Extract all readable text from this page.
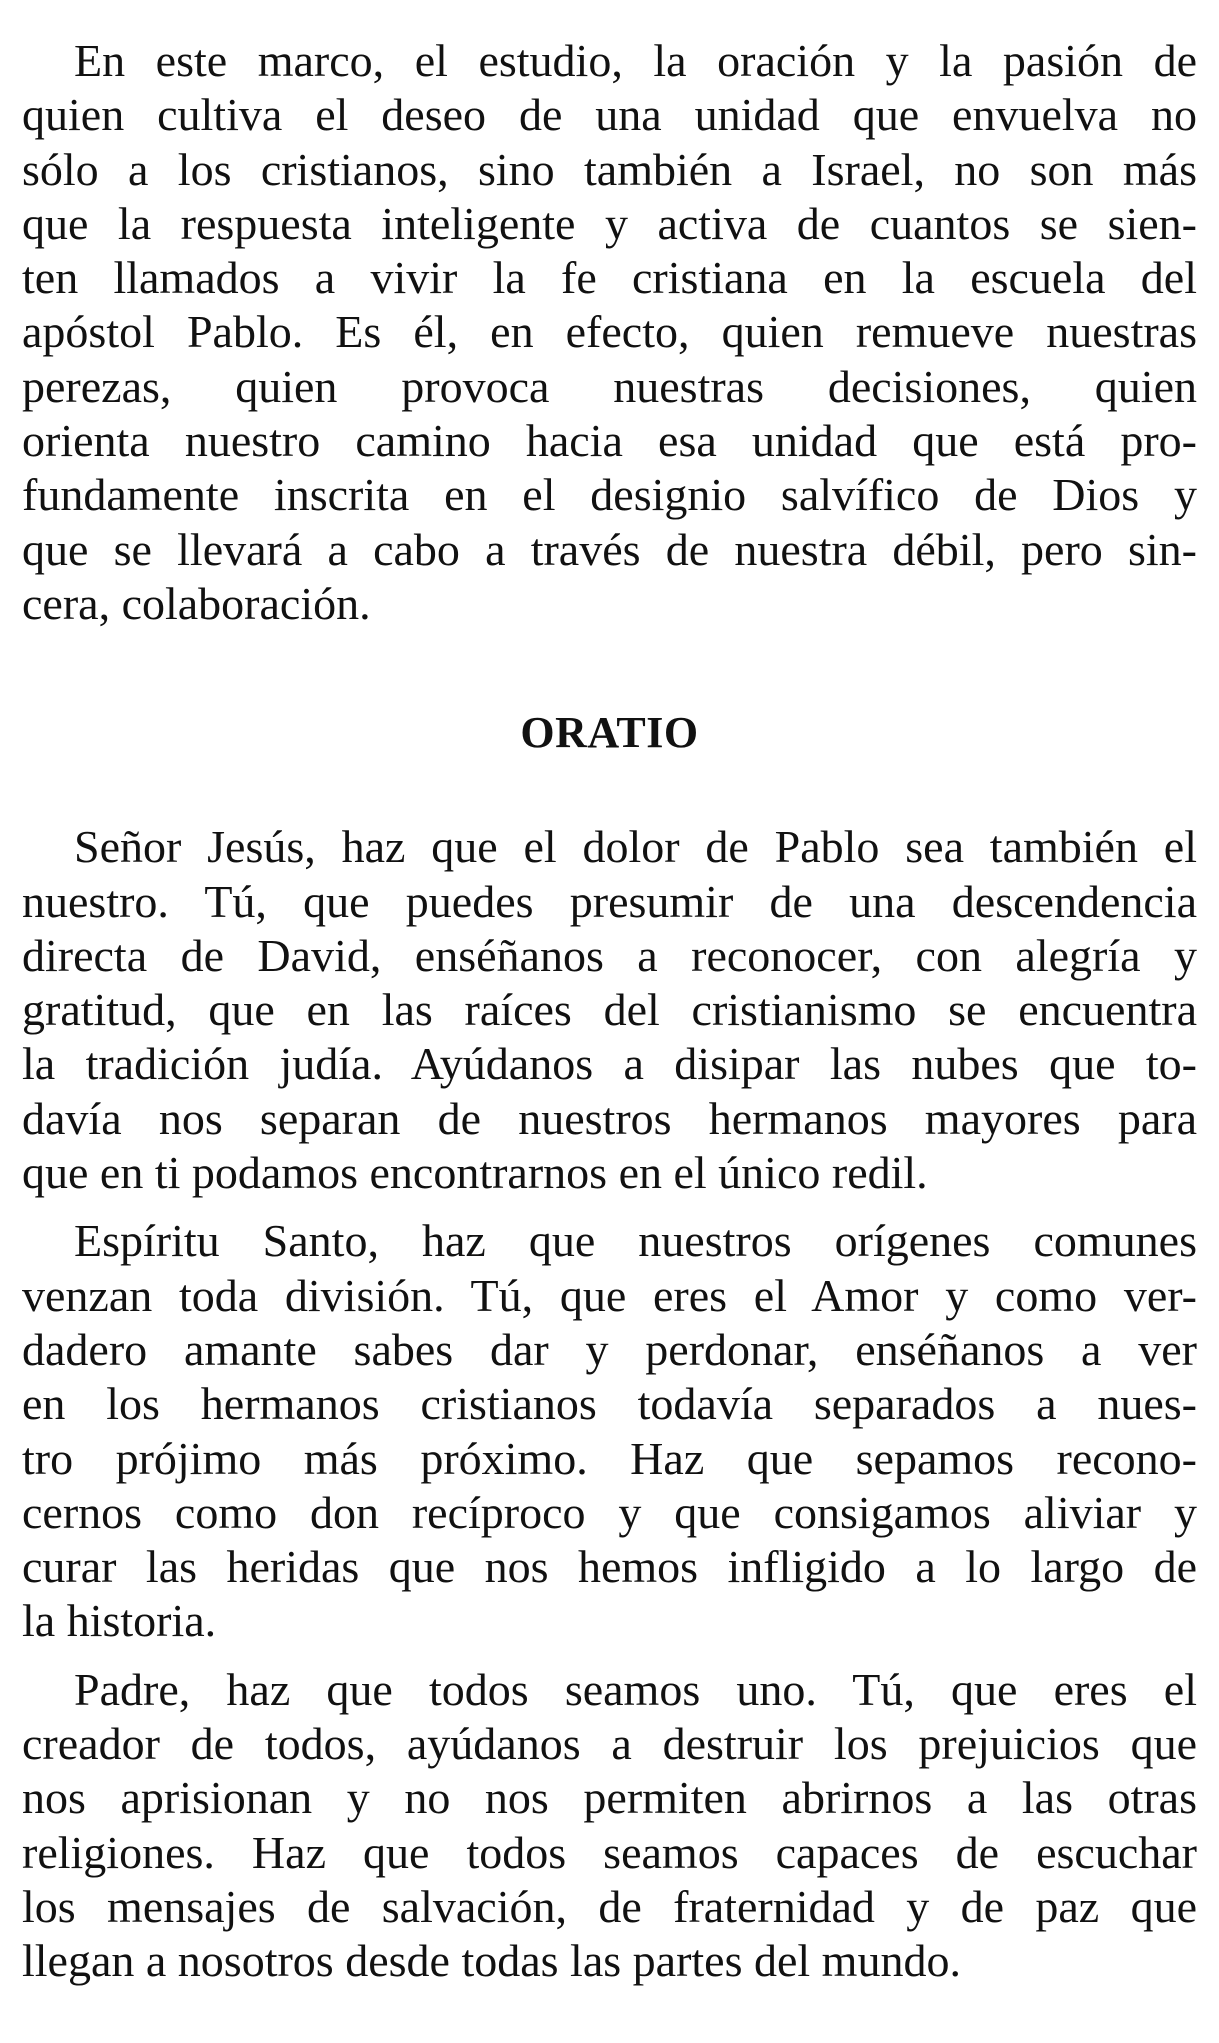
En este marco, el estudio, la oración y la pasión de
quien cultiva el deseo de una unidad que envuelva no
sólo a los cristianos, sino también a Israel, no son más
que la respuesta inteligente y activa de cuantos se sien-
ten llamados a vivir la fe cristiana en la escuela del
apóstol Pablo. Es él, en efecto, quien remueve nuestras
perezas, quien provoca nuestras decisiones, quien
orienta nuestro camino hacia esa unidad que está pro-
fundamente inscrita en el designio salvífico de Dios y
que se llevará a cabo a través de nuestra débil, pero sin-
cera, colaboración.
ORATIO
Señor Jesús, haz que el dolor de Pablo sea también el
nuestro. Tú, que puedes presumir de una descendencia
directa de David, enséñanos a reconocer, con alegría y
gratitud, que en las raíces del cristianismo se encuentra
la tradición judía. Ayúdanos a disipar las nubes que to-
davía nos separan de nuestros hermanos mayores para
que en ti podamos encontrarnos en el único redil.
Espíritu Santo, haz que nuestros orígenes comunes
venzan toda división. Tú, que eres el Amor y como ver-
dadero amante sabes dar y perdonar, enséñanos a ver
en los hermanos cristianos todavía separados a nues-
tro prójimo más próximo. Haz que sepamos recono-
cernos como don recíproco y que consigamos aliviar y
curar las heridas que nos hemos infligido a lo largo de
la historia.
Padre, haz que todos seamos uno. Tú, que eres el
creador de todos, ayúdanos a destruir los prejuicios que
nos aprisionan y no nos permiten abrirnos a las otras
religiones. Haz que todos seamos capaces de escuchar
los mensajes de salvación, de fraternidad y de paz que
llegan a nosotros desde todas las partes del mundo.
